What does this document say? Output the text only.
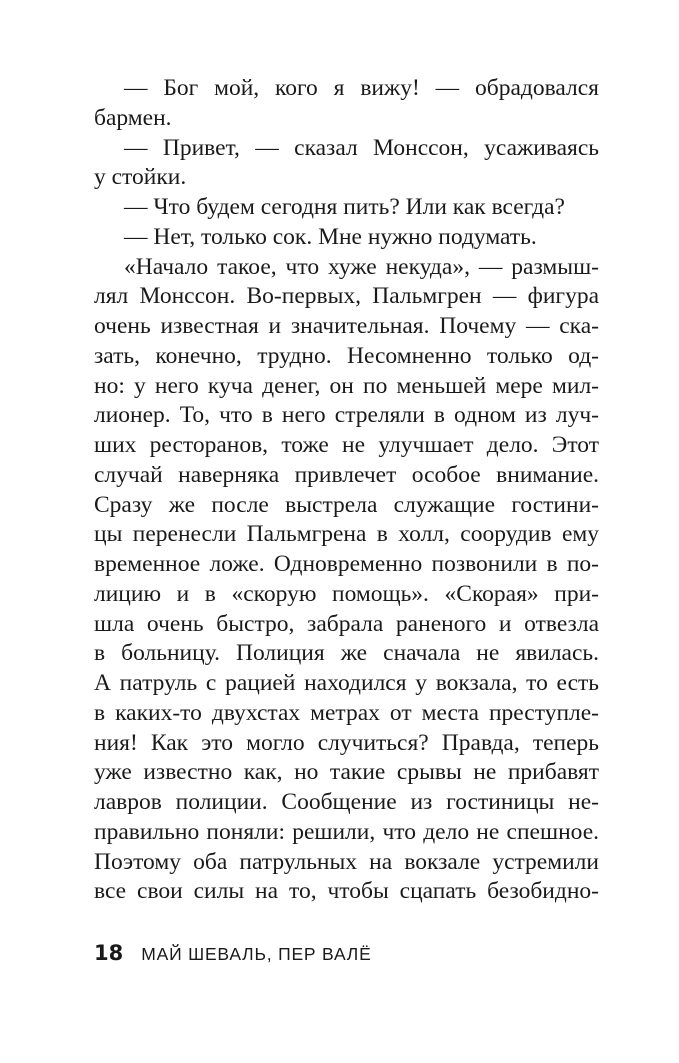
— Бог мой, кого я вижу! — обрадовался
бармен.
— Привет, — сказал Монссон, усаживаясь
у стойки.
— Что будем сегодня пить? Или как всегда?
— Нет, только сок. Мне нужно подумать.
«Начало такое, что хуже некуда», — размыш-
лял Монссон. Во-первых, Пальмгрен — фигура
очень известная и значительная. Почему — ска-
зать, конечно, трудно. Несомненно только од-
но: у него куча денег, он по меньшей мере мил-
лионер. То, что в него стреляли в одном из луч-
ших ресторанов, тоже не улучшает дело. Этот
случай наверняка привлечет особое внимание.
Сразу же после выстрела служащие гостини-
цы перенесли Пальмгрена в холл, соорудив ему
временное ложе. Одновременно позвонили в по-
лицию и в «скорую помощь». «Скорая» при-
шла очень быстро, забрала раненого и отвезла
в больницу. Полиция же сначала не явилась.
А патруль с рацией находился у вокзала, то есть
в каких-то двухстах метрах от места преступле-
ния! Как это могло случиться? Правда, теперь
уже известно как, но такие срывы не прибавят
лавров полиции. Сообщение из гостиницы не-
правильно поняли: решили, что дело не спешное.
Поэтому оба патрульных на вокзале устремили
все свои силы на то, чтобы сцапать безобидно-
18 МАЙ ШЕВАЛЬ, ПЕР ВАЛЁ
